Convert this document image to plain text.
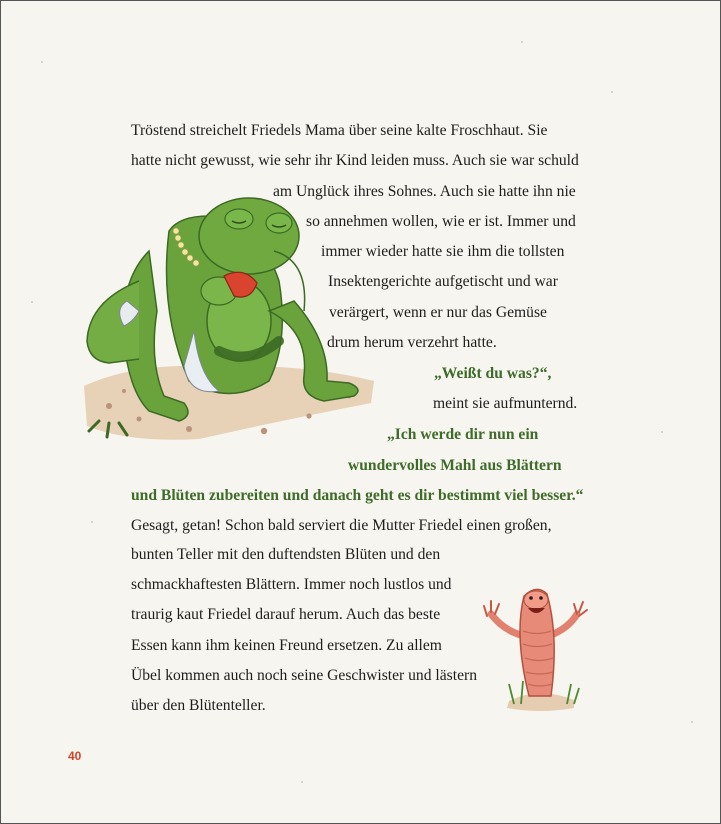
Tröstend streichelt Friedels Mama über seine kalte Froschhaut. Sie
hatte nicht gewusst, wie sehr ihr Kind leiden muss. Auch sie war schuld
am Unglück ihres Sohnes. Auch sie hatte ihn nie
so annehmen wollen, wie er ist. Immer und
immer wieder hatte sie ihm die tollsten
Insektengerichte aufgetischt und war
verärgert, wenn er nur das Gemüse
drum herum verzehrt hatte.
„Weißt du was?“,
meint sie aufmunternd.
„Ich werde dir nun ein
wundervolles Mahl aus Blättern
und Blüten zubereiten und danach geht es dir bestimmt viel besser.“
Gesagt, getan! Schon bald serviert die Mutter Friedel einen großen,
bunten Teller mit den duftendsten Blüten und den
schmackhaftesten Blättern. Immer noch lustlos und
traurig kaut Friedel darauf herum. Auch das beste
Essen kann ihm keinen Freund ersetzen. Zu allem
Übel kommen auch noch seine Geschwister und lästern
über den Blütenteller.
40
